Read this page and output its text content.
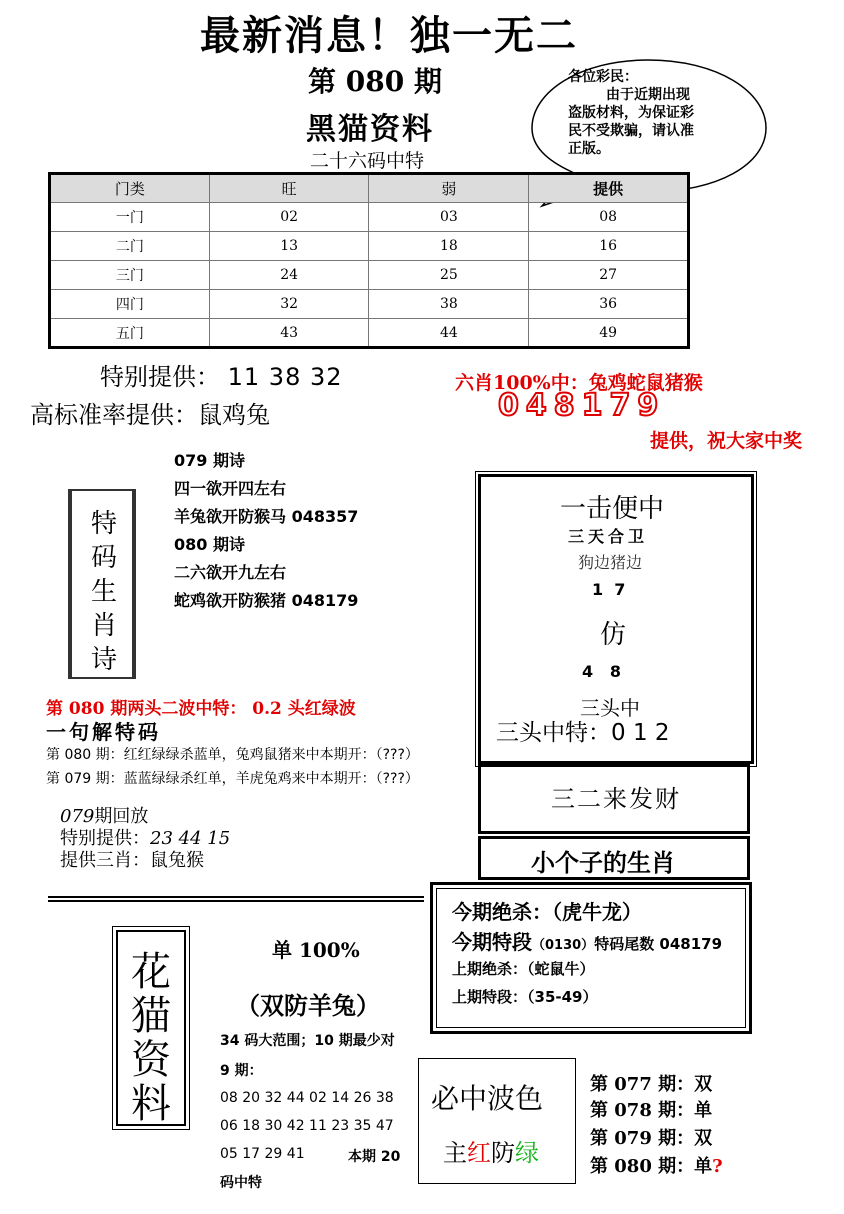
最新消息！独一无二
第 080 期
黑猫资料
二十六码中特
各位彩民：
由于近期出现
盗版材料，为保证彩
民不受欺骗，请认准
正版。
门类	旺	弱	提供
一门	02	03	08
二门	13	18	16
三门	24	25	27
四门	32	38	36
五门	43	44	49
特别提供： 11 38 32
高标准率提供：鼠鸡兔
六肖100%中：兔鸡蛇鼠猪猴
048179
提供，祝大家中奖
特
码
生
肖
诗
079 期诗
四一欲开四左右
羊兔欲开防猴马 048357
080 期诗
二六欲开九左右
蛇鸡欲开防猴猪 048179
一击便中
三天合卫
狗边猪边
1  7
仿
4   8
三头中
三头中特：0 1 2
三二来发财
小个子的生肖
今期绝杀：（虎牛龙）
今期特段（0130）特码尾数 048179
上期绝杀：（蛇鼠牛）
上期特段：（35-49）
第 080 期两头二波中特： 0.2 头红绿波
一句解特码
第 080 期：红红绿绿杀蓝单，兔鸡鼠猪来中本期开：（???）
第 079 期：蓝蓝绿绿杀红单，羊虎兔鸡来中本期开：（???）
079期回放
特别提供：23 44 15
提供三肖：鼠兔猴
花
猫
资
料
单 100%
（双防羊兔）
34 码大范围；10 期最少对
9 期：
08 20 32 44 02 14 26 38
06 18 30 42 11 23 35 47
05 17 29 41	本期 20
码中特
必中波色
主红防绿
第 077 期：双
第 078 期：单
第 079 期：双
第 080 期：单?
